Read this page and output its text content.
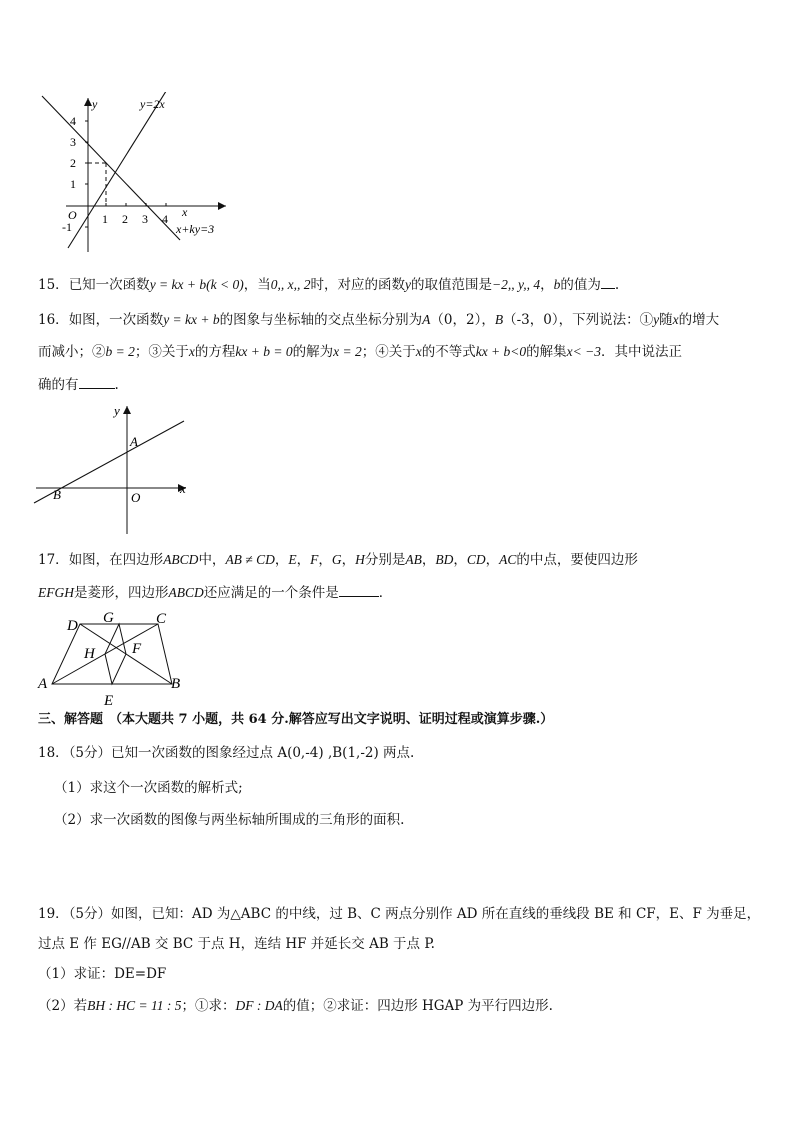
y
x
O
4
3
2
1
-1
1 2 3 4
y=2x
x+ky=3
15．已知一次函数y = kx + b(k < 0)，当0,, x,, 2时，对应的函数y的取值范围是−2,, y,, 4，b的值为 .
16．如图，一次函数y = kx + b的图象与坐标轴的交点坐标分别为A（0，2），B（-3，0），下列说法：①y随x的增大
而减小；②b = 2；③关于x的方程kx + b = 0的解为x = 2；④关于x的不等式kx + b<0的解集x< −3．其中说法正
确的有	.
y
x
A
B	O
17．如图，在四边形ABCD中，AB ≠ CD，E，F，G，H分别是AB，BD，CD，AC的中点，要使四边形
EFGH是菱形，四边形ABCD还应满足的一个条件是	．
A	B
C
D
E
F
G
H
三、解答题 （本大题共 7 小题，共 64 分.解答应写出文字说明、证明过程或演算步骤.）
18．（5分）已知一次函数的图象经过点 A(0,-4) ,B(1,-2) 两点.
（1）求这个一次函数的解析式;
（2）求一次函数的图像与两坐标轴所围成的三角形的面积.
19．（5分）如图，已知：AD 为△ABC 的中线，过 B、C 两点分别作 AD 所在直线的垂线段 BE 和 CF，E、F 为垂足，
过点 E 作 EG//AB 交 BC 于点 H，连结 HF 并延长交 AB 于点 P.
（1）求证：DE=DF
（2）若BH : HC = 11 : 5；①求：DF : DA的值；②求证：四边形 HGAP 为平行四边形.
